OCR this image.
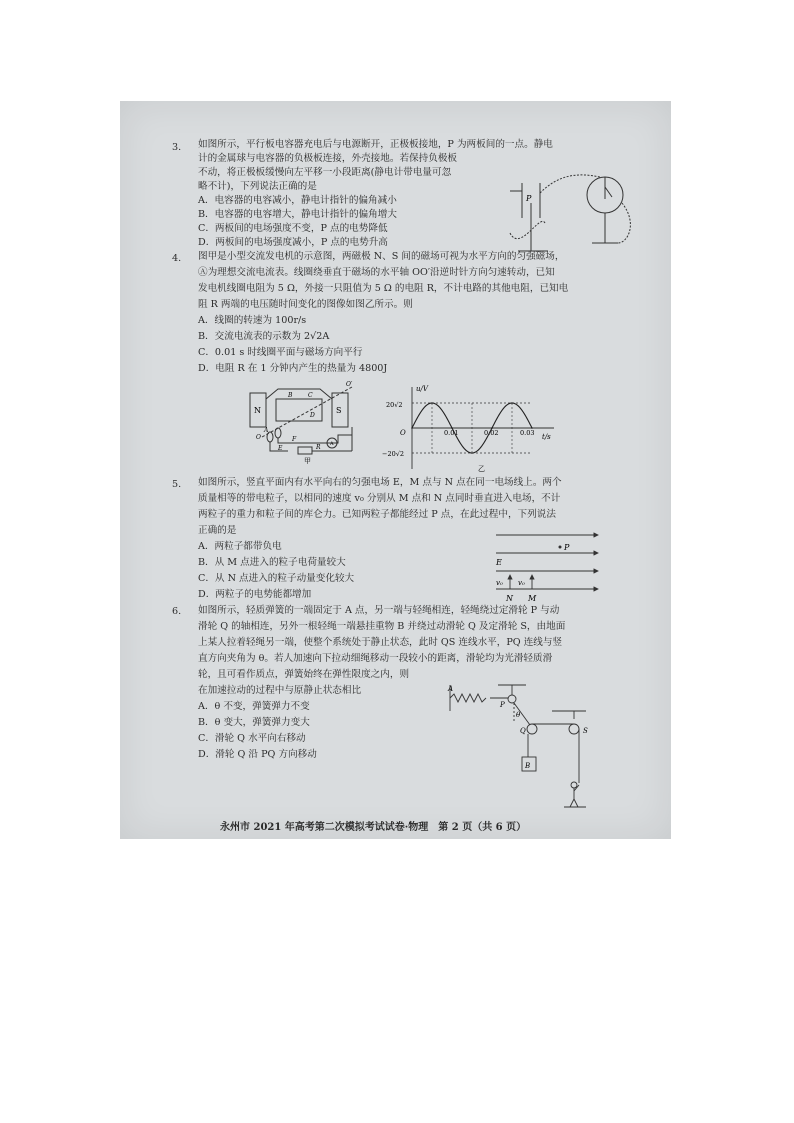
3. 如图所示，平行板电容器充电后与电源断开，正极板接地，P 为两板间的一点。静电
计的金属球与电容器的负极板连接，外壳接地。若保持负极板
不动，将正极板缓慢向左平移一小段距离(静电计带电量可忽
略不计)，下列说法正确的是
A．电容器的电容减小，静电计指针的偏角减小
B．电容器的电容增大，静电计指针的偏角增大
C．两板间的电场强度不变，P 点的电势降低
D．两板间的电场强度减小，P 点的电势升高
P
4. 图甲是小型交流发电机的示意图，两磁极 N、S 间的磁场可视为水平方向的匀强磁场，
Ⓐ为理想交流电流表。线圈绕垂直于磁场的水平轴 OO′沿逆时针方向匀速转动，已知
发电机线圈电阻为 5 Ω，外接一只阻值为 5 Ω 的电阻 R，不计电路的其他电阻，已知电
阻 R 两端的电压随时间变化的图像如图乙所示。则
A．线圈的转速为 100r/s
B．交流电流表的示数为 2√2A
C．0.01 s 时线圈平面与磁场方向平行
D．电阻 R 在 1 分钟内产生的热量为 4800J
N	S
A
B	C
D
E
F
R
O
O′
A
甲
u/V
t/s
O
20√2
−20√2
0.01	0.02	0.03
乙
5. 如图所示，竖直平面内有水平向右的匀强电场 E，M 点与 N 点在同一电场线上。两个
质量相等的带电粒子，以相同的速度 v₀ 分别从 M 点和 N 点同时垂直进入电场，不计
两粒子的重力和粒子间的库仑力。已知两粒子都能经过 P 点，在此过程中，下列说法
正确的是
A．两粒子都带负电
B．从 M 点进入的粒子电荷量较大
C．从 N 点进入的粒子动量变化较大
D．两粒子的电势能都增加
P
E
v₀ v₀
N M
6. 如图所示，轻质弹簧的一端固定于 A 点，另一端与轻绳相连，轻绳绕过定滑轮 P 与动
滑轮 Q 的轴相连，另外一根轻绳一端悬挂重物 B 并绕过动滑轮 Q 及定滑轮 S，由地面
上某人拉着轻绳另一端，使整个系统处于静止状态，此时 QS 连线水平，PQ 连线与竖
直方向夹角为 θ。若人加速向下拉动细绳移动一段较小的距离，滑轮均为光滑轻质滑
轮，且可看作质点，弹簧始终在弹性限度之内，则
在加速拉动的过程中与原静止状态相比
A．θ 不变，弹簧弹力不变
B．θ 变大，弹簧弹力变大
C．滑轮 Q 水平向右移动
D．滑轮 Q 沿 PQ 方向移动
A
P
θ
Q	S
B
永州市 2021 年高考第二次模拟考试试卷·物理　第 2 页（共 6 页）
